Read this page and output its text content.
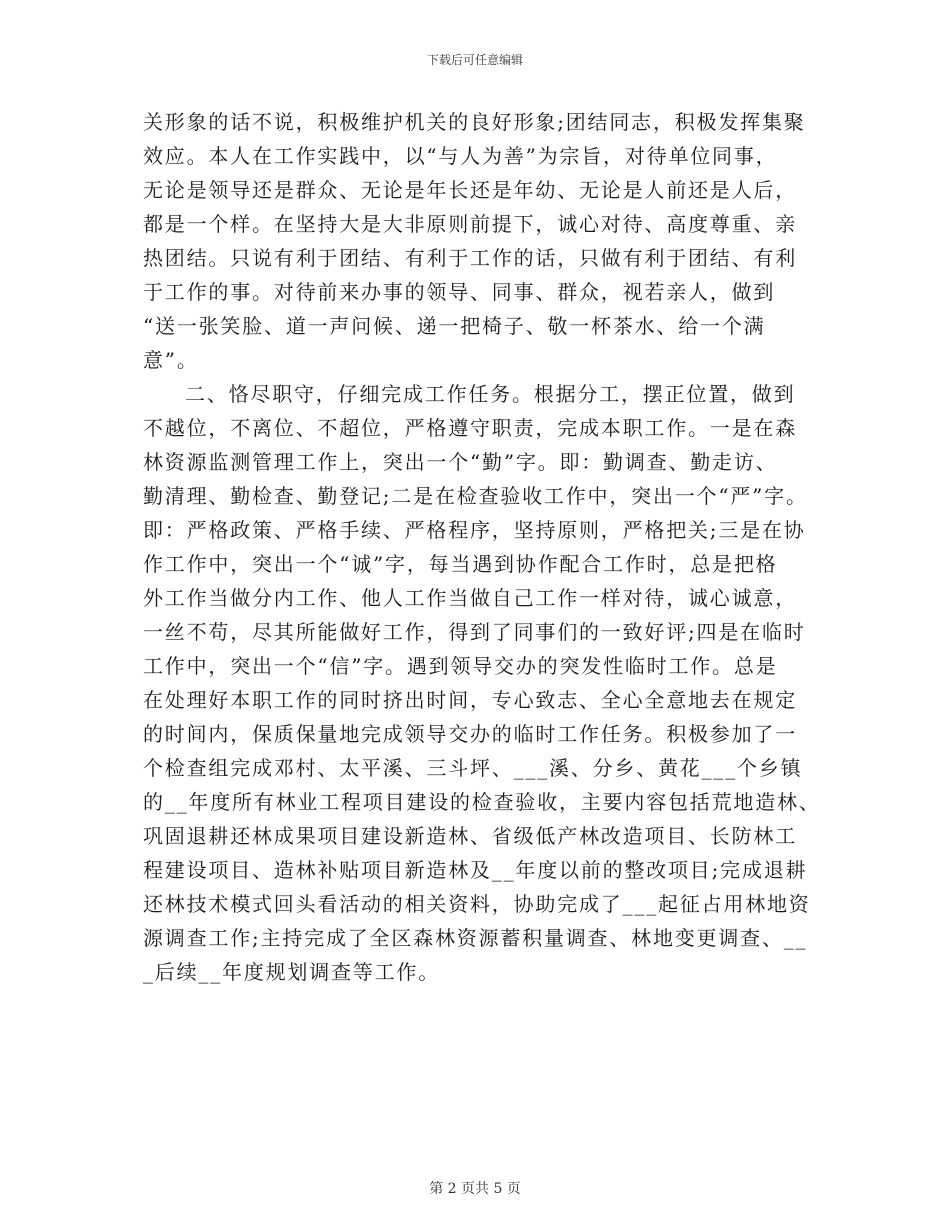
下载后可任意编辑
关形象的话不说，积极维护机关的良好形象;团结同志，积极发挥集聚
效应。本人在工作实践中，以“与人为善”为宗旨，对待单位同事，
无论是领导还是群众、无论是年长还是年幼、无论是人前还是人后，
都是一个样。在坚持大是大非原则前提下，诚心对待、高度尊重、亲
热团结。只说有利于团结、有利于工作的话，只做有利于团结、有利
于工作的事。对待前来办事的领导、同事、群众，视若亲人，做到
“送一张笑脸、道一声问候、递一把椅子、敬一杯茶水、给一个满
意”。
二、恪尽职守，仔细完成工作任务。根据分工，摆正位置，做到
不越位，不离位、不超位，严格遵守职责，完成本职工作。一是在森
林资源监测管理工作上，突出一个“勤”字。即：勤调查、勤走访、
勤清理、勤检查、勤登记;二是在检查验收工作中，突出一个“严”字。
即：严格政策、严格手续、严格程序，坚持原则，严格把关;三是在协
作工作中，突出一个“诚”字，每当遇到协作配合工作时，总是把格
外工作当做分内工作、他人工作当做自己工作一样对待，诚心诚意，
一丝不苟，尽其所能做好工作，得到了同事们的一致好评;四是在临时
工作中，突出一个“信”字。遇到领导交办的突发性临时工作。总是
在处理好本职工作的同时挤出时间，专心致志、全心全意地去在规定
的时间内，保质保量地完成领导交办的临时工作任务。积极参加了一
个检查组完成邓村、太平溪、三斗坪、___溪、分乡、黄花___个乡镇
的__年度所有林业工程项目建设的检查验收，主要内容包括荒地造林、
巩固退耕还林成果项目建设新造林、省级低产林改造项目、长防林工
程建设项目、造林补贴项目新造林及__年度以前的整改项目;完成退耕
还林技术模式回头看活动的相关资料，协助完成了___起征占用林地资
源调查工作;主持完成了全区森林资源蓄积量调查、林地变更调查、__
_后续__年度规划调查等工作。
第 2 页共 5 页
